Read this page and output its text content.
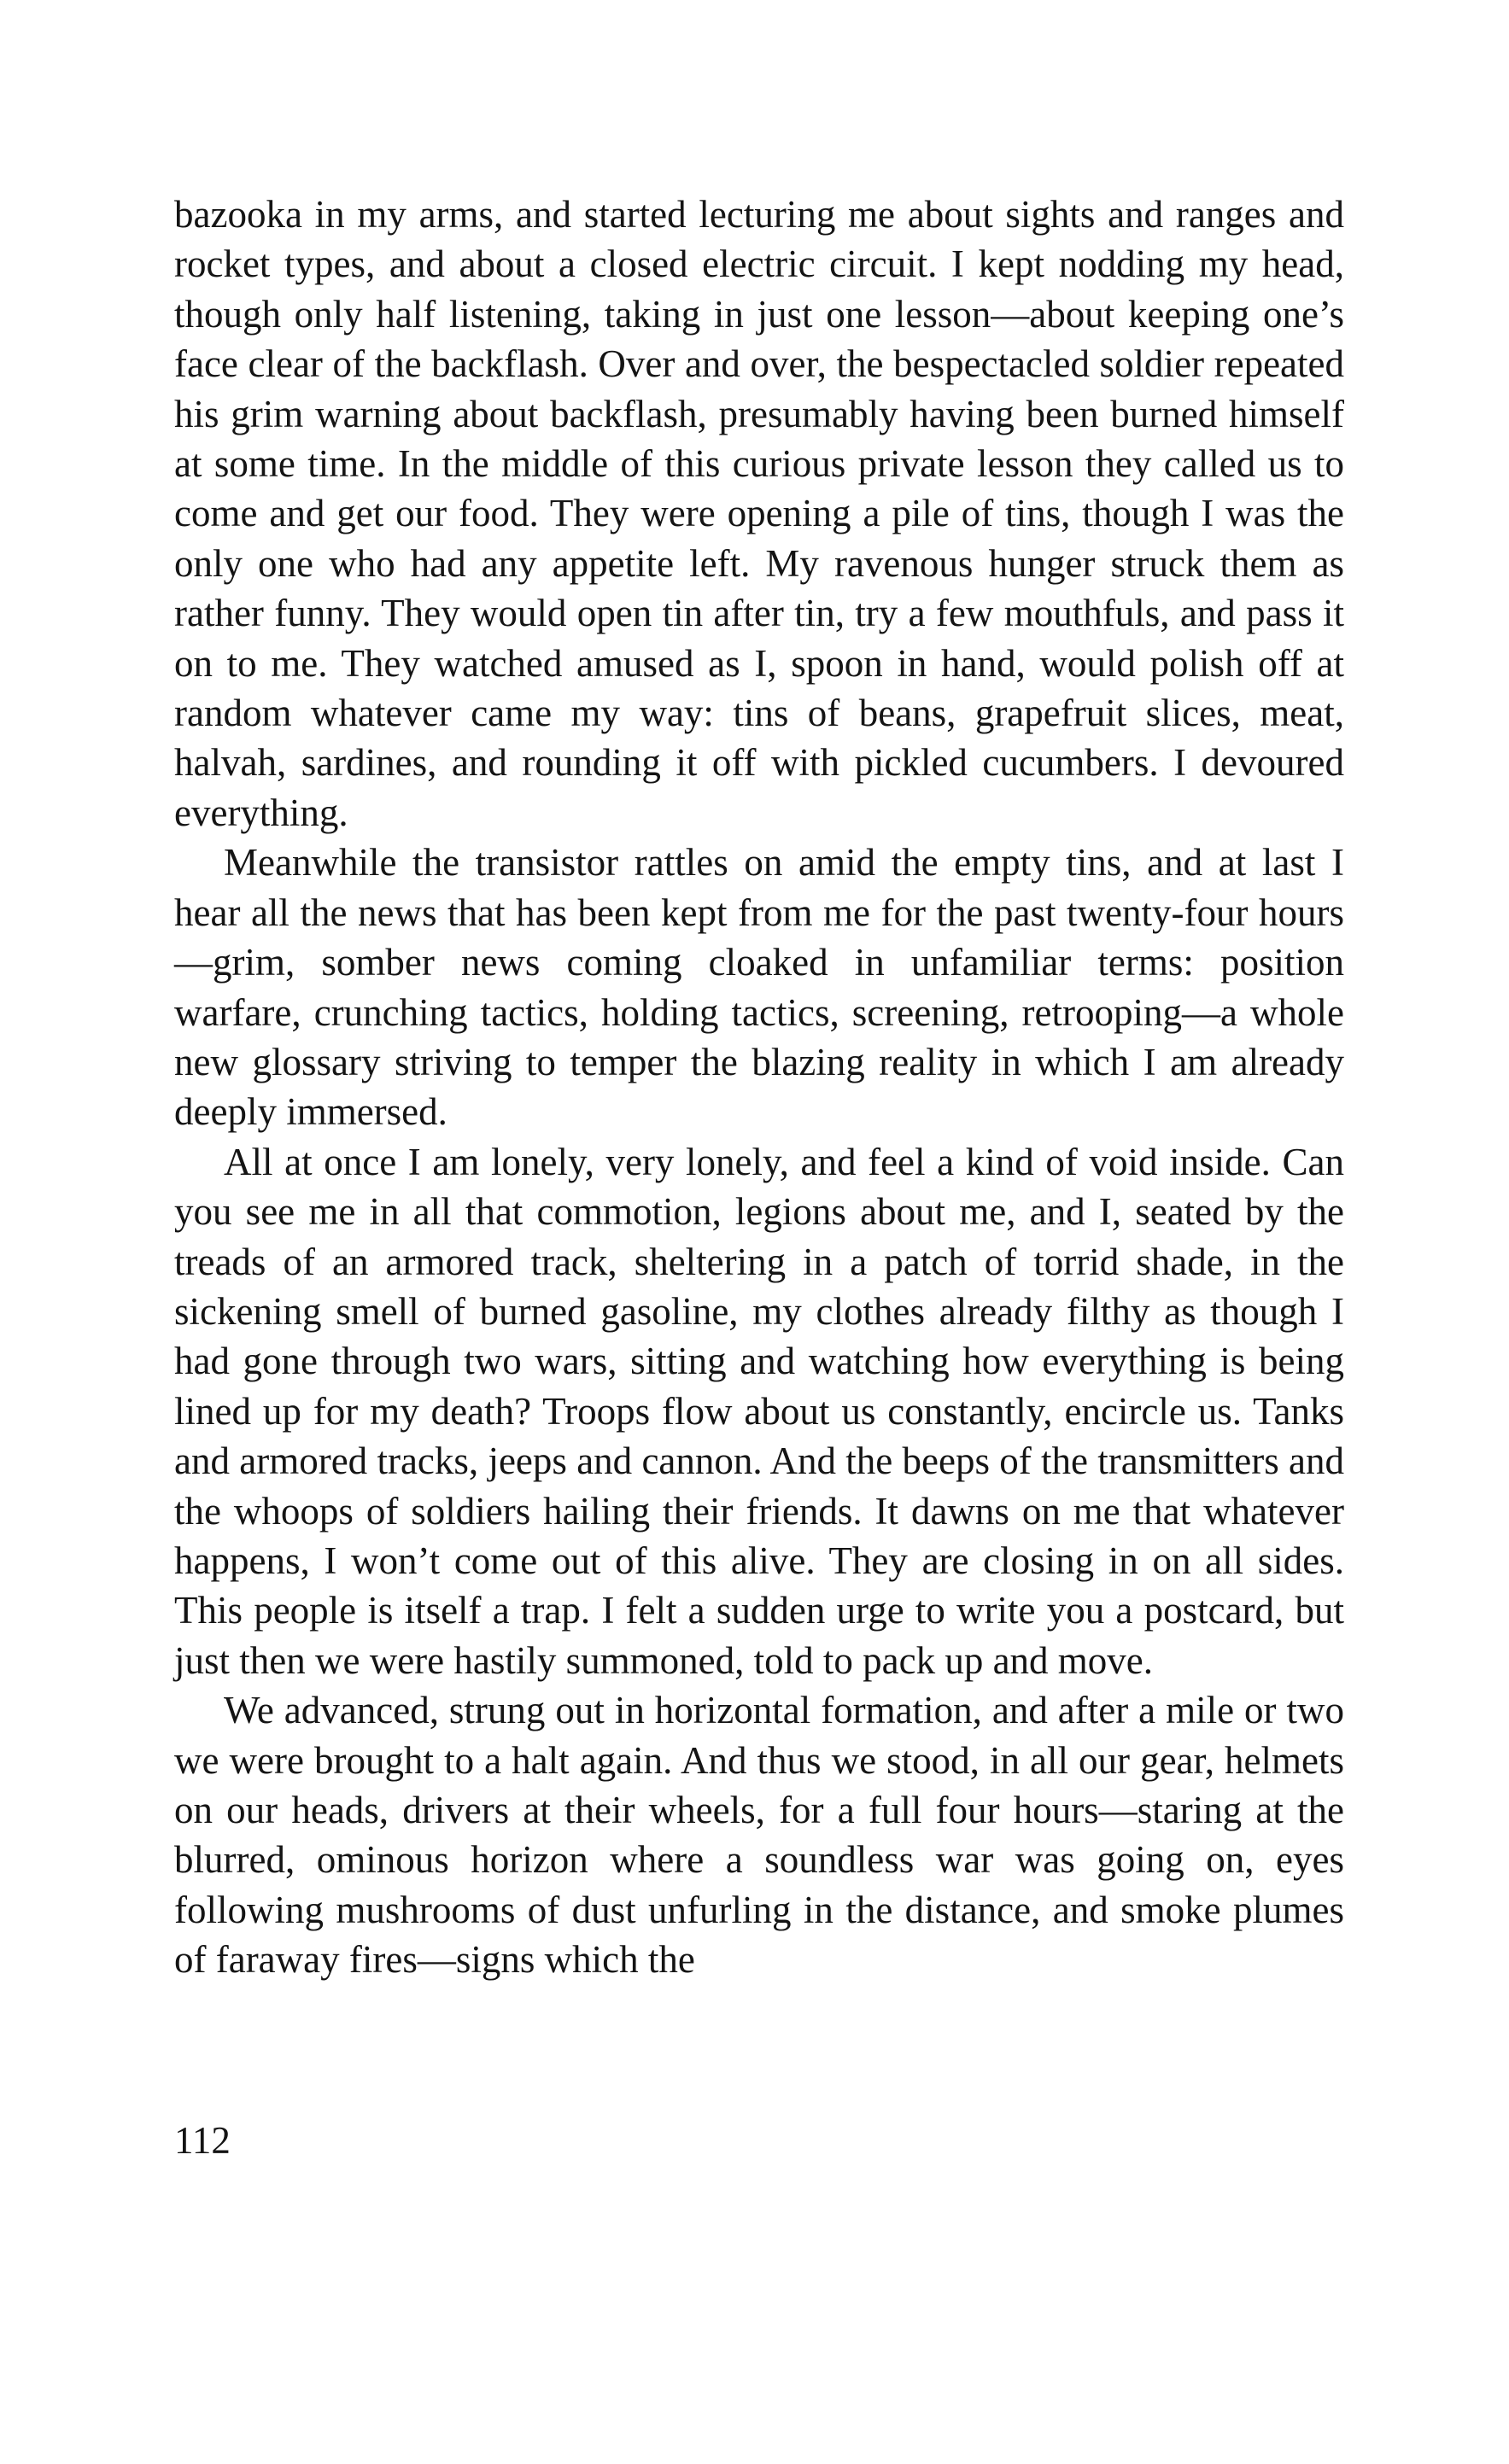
bazooka in my arms, and started lecturing me about sights and ranges and rocket types, and about a closed electric circuit. I kept nodding my head, though only half listening, taking in just one lesson—about keeping one’s face clear of the backflash. Over and over, the bespectacled soldier repeated his grim warning about backflash, presumably having been burned himself at some time. In the middle of this curious private lesson they called us to come and get our food. They were opening a pile of tins, though I was the only one who had any appetite left. My ravenous hunger struck them as rather funny. They would open tin after tin, try a few mouthfuls, and pass it on to me. They watched amused as I, spoon in hand, would polish off at random whatever came my way: tins of beans, grapefruit slices, meat, halvah, sardines, and rounding it off with pickled cucumbers. I devoured everything.

Meanwhile the transistor rattles on amid the empty tins, and at last I hear all the news that has been kept from me for the past twenty-four hours—grim, somber news coming cloaked in unfamiliar terms: position warfare, crunching tactics, holding tactics, screening, retrooping—a whole new glossary striving to temper the blazing reality in which I am already deeply immersed.

All at once I am lonely, very lonely, and feel a kind of void inside. Can you see me in all that commotion, legions about me, and I, seated by the treads of an armored track, sheltering in a patch of torrid shade, in the sickening smell of burned gasoline, my clothes already filthy as though I had gone through two wars, sitting and watching how everything is being lined up for my death? Troops flow about us constantly, encircle us. Tanks and armored tracks, jeeps and cannon. And the beeps of the transmitters and the whoops of soldiers hailing their friends. It dawns on me that whatever happens, I won’t come out of this alive. They are closing in on all sides. This people is itself a trap. I felt a sudden urge to write you a postcard, but just then we were hastily summoned, told to pack up and move.

We advanced, strung out in horizontal formation, and after a mile or two we were brought to a halt again. And thus we stood, in all our gear, helmets on our heads, drivers at their wheels, for a full four hours—staring at the blurred, ominous horizon where a soundless war was going on, eyes following mushrooms of dust unfurling in the distance, and smoke plumes of faraway fires—signs which the

112
